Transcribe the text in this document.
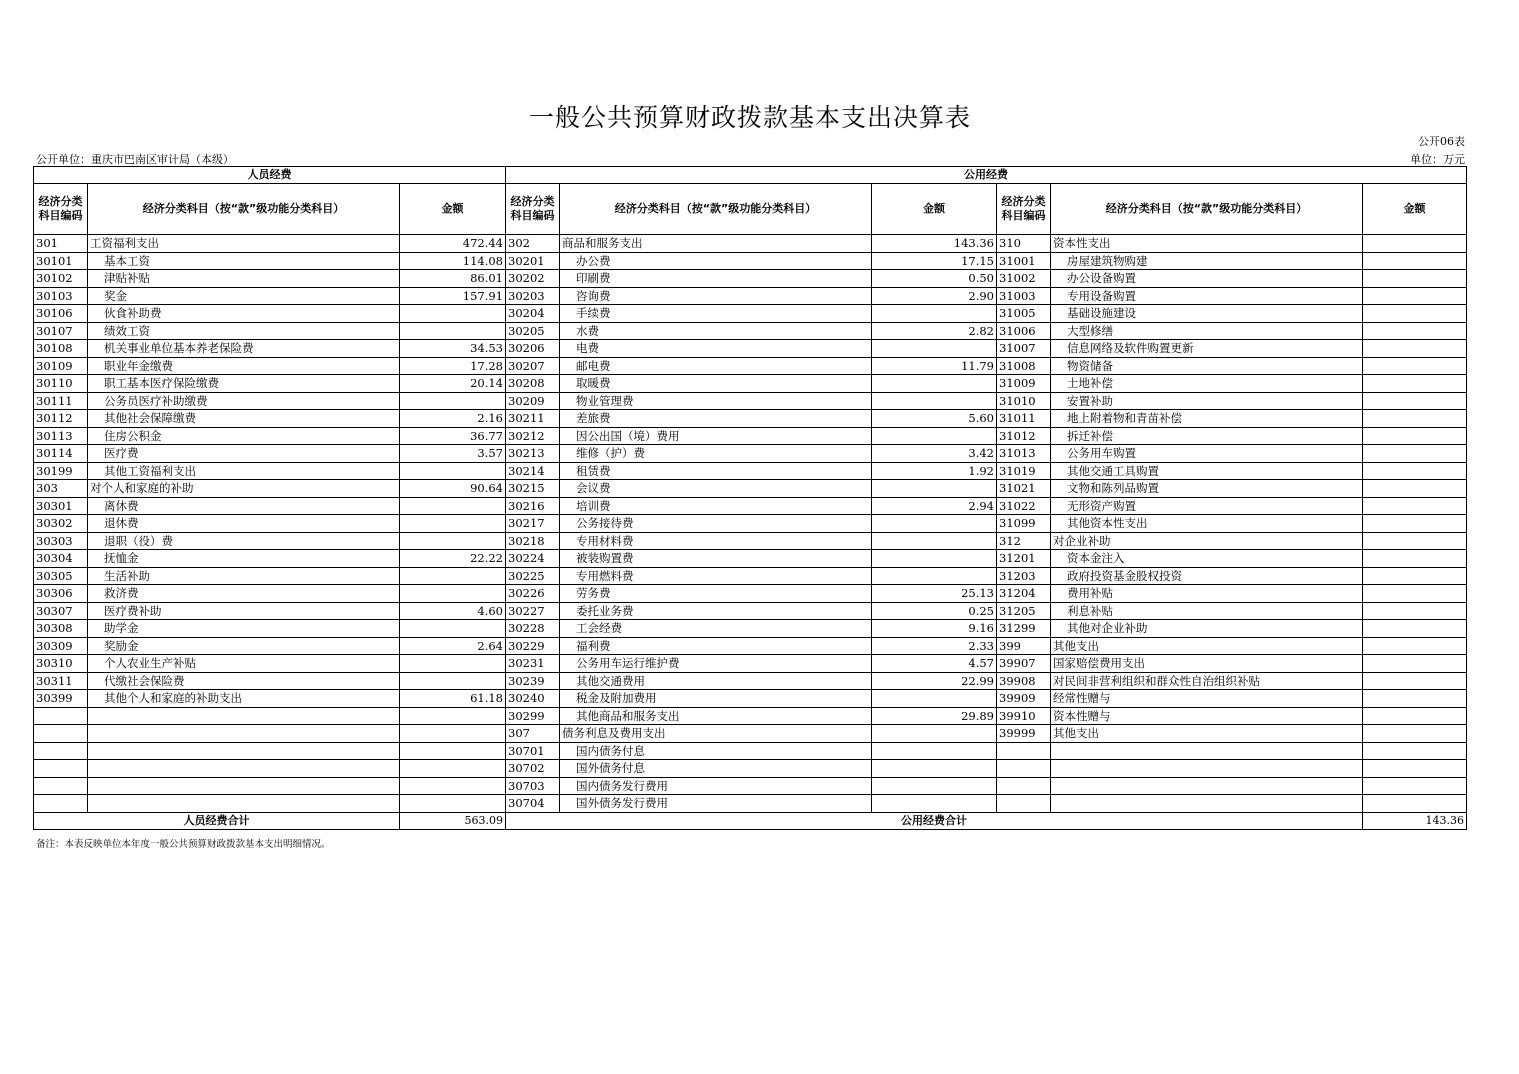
一般公共预算财政拨款基本支出决算表
公开06表
公开单位：重庆市巴南区审计局（本级）	单位：万元
人员经费			公用经费					
经济分类科目编码	经济分类科目（按“款”级功能分类科目）	金额	经济分类科目编码	经济分类科目（按“款”级功能分类科目）	金额	经济分类科目编码	经济分类科目（按“款”级功能分类科目）	金额
301	工资福利支出	472.44	302	商品和服务支出	143.36	310	资本性支出	
30101	基本工资	114.08	30201	办公费	17.15	31001	房屋建筑物购建	
30102	津贴补贴	86.01	30202	印刷费	0.50	31002	办公设备购置	
30103	奖金	157.91	30203	咨询费	2.90	31003	专用设备购置	
30106	伙食补助费		30204	手续费		31005	基础设施建设	
30107	绩效工资		30205	水费	2.82	31006	大型修缮	
30108	机关事业单位基本养老保险费	34.53	30206	电费		31007	信息网络及软件购置更新	
30109	职业年金缴费	17.28	30207	邮电费	11.79	31008	物资储备	
30110	职工基本医疗保险缴费	20.14	30208	取暖费		31009	土地补偿	
30111	公务员医疗补助缴费		30209	物业管理费		31010	安置补助	
30112	其他社会保障缴费	2.16	30211	差旅费	5.60	31011	地上附着物和青苗补偿	
30113	住房公积金	36.77	30212	因公出国（境）费用		31012	拆迁补偿	
30114	医疗费	3.57	30213	维修（护）费	3.42	31013	公务用车购置	
30199	其他工资福利支出		30214	租赁费	1.92	31019	其他交通工具购置	
303	对个人和家庭的补助	90.64	30215	会议费		31021	文物和陈列品购置	
30301	离休费		30216	培训费	2.94	31022	无形资产购置	
30302	退休费		30217	公务接待费		31099	其他资本性支出	
30303	退职（役）费		30218	专用材料费		312	对企业补助	
30304	抚恤金	22.22	30224	被装购置费		31201	资本金注入	
30305	生活补助		30225	专用燃料费		31203	政府投资基金股权投资	
30306	救济费		30226	劳务费	25.13	31204	费用补贴	
30307	医疗费补助	4.60	30227	委托业务费	0.25	31205	利息补贴	
30308	助学金		30228	工会经费	9.16	31299	其他对企业补助	
30309	奖励金	2.64	30229	福利费	2.33	399	其他支出	
30310	个人农业生产补贴		30231	公务用车运行维护费	4.57	39907	国家赔偿费用支出	
30311	代缴社会保险费		30239	其他交通费用	22.99	39908	对民间非营利组织和群众性自治组织补贴	
30399	其他个人和家庭的补助支出	61.18	30240	税金及附加费用		39909	经常性赠与	
			30299	其他商品和服务支出	29.89	39910	资本性赠与	
			307	债务利息及费用支出		39999	其他支出	
			30701	国内债务付息				
			30702	国外债务付息				
			30703	国内债务发行费用				
			30704	国外债务发行费用				
人员经费合计		563.09	公用经费合计					143.36
备注：本表反映单位本年度一般公共预算财政拨款基本支出明细情况。
